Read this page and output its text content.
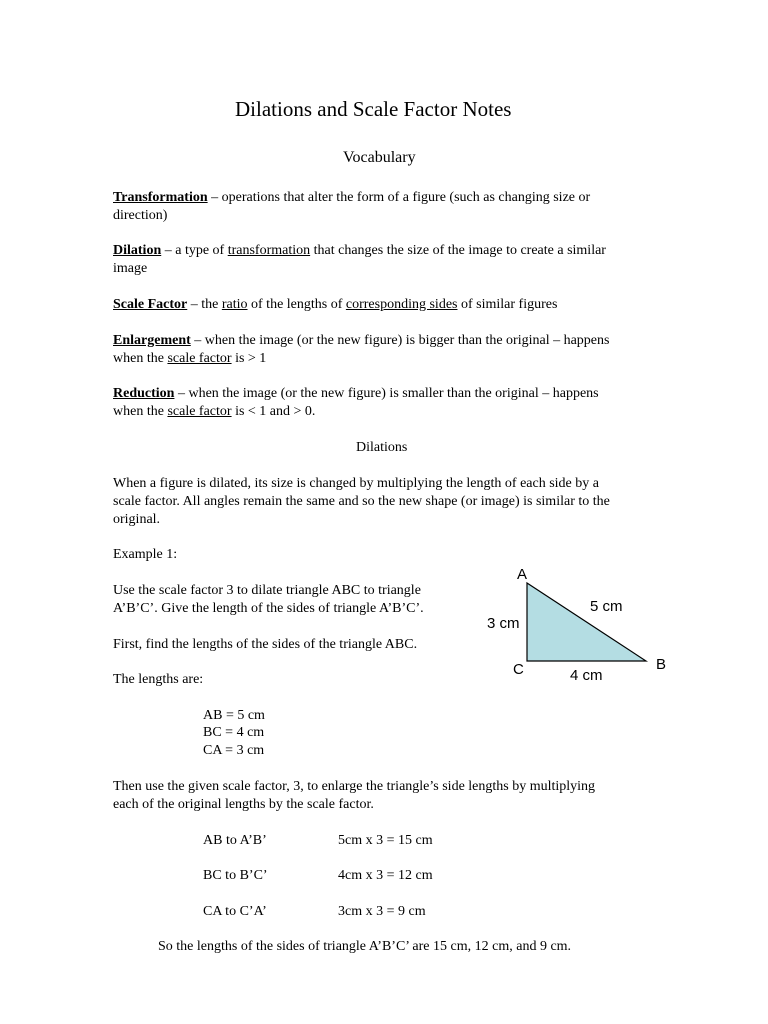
Dilations and Scale Factor Notes
Vocabulary
Transformation – operations that alter the form of a figure (such as changing size or
direction)
Dilation – a type of transformation that changes the size of the image to create a similar
image
Scale Factor – the ratio of the lengths of corresponding sides of similar figures
Enlargement – when the image (or the new figure) is bigger than the original – happens
when the scale factor is > 1
Reduction – when the image (or the new figure) is smaller than the original – happens
when the scale factor is < 1 and > 0.
Dilations
When a figure is dilated, its size is changed by multiplying the length of each side by a
scale factor. All angles remain the same and so the new shape (or image) is similar to the
original.
Example 1:
Use the scale factor 3 to dilate triangle ABC to triangle
A’B’C’. Give the length of the sides of triangle A’B’C’.
First, find the lengths of the sides of the triangle ABC.
The lengths are:
AB = 5 cm
BC = 4 cm
CA = 3 cm
Then use the given scale factor, 3, to enlarge the triangle’s side lengths by multiplying
each of the original lengths by the scale factor.
AB to A’B’	5cm x 3 = 15 cm
BC to B’C’	4cm x 3 = 12 cm
CA to C’A’	3cm x 3 = 9 cm
So the lengths of the sides of triangle A’B’C’ are 15 cm, 12 cm, and 9 cm.
A
B
C
5 cm
3 cm
4 cm
